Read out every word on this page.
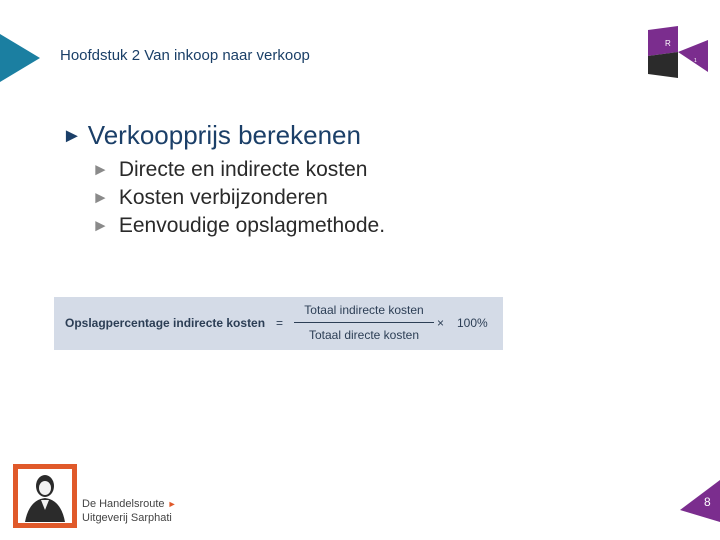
Hoofdstuk 2 Van inkoop naar verkoop
R
1
► Verkoopprijs berekenen
► Directe en indirecte kosten
► Kosten verbijzonderen
► Eenvoudige opslagmethode.
Opslagpercentage indirecte kosten =
Totaal indirecte kosten
Totaal directe kosten
× 100%
De Handelsroute ►
Uitgeverij Sarphati
8
